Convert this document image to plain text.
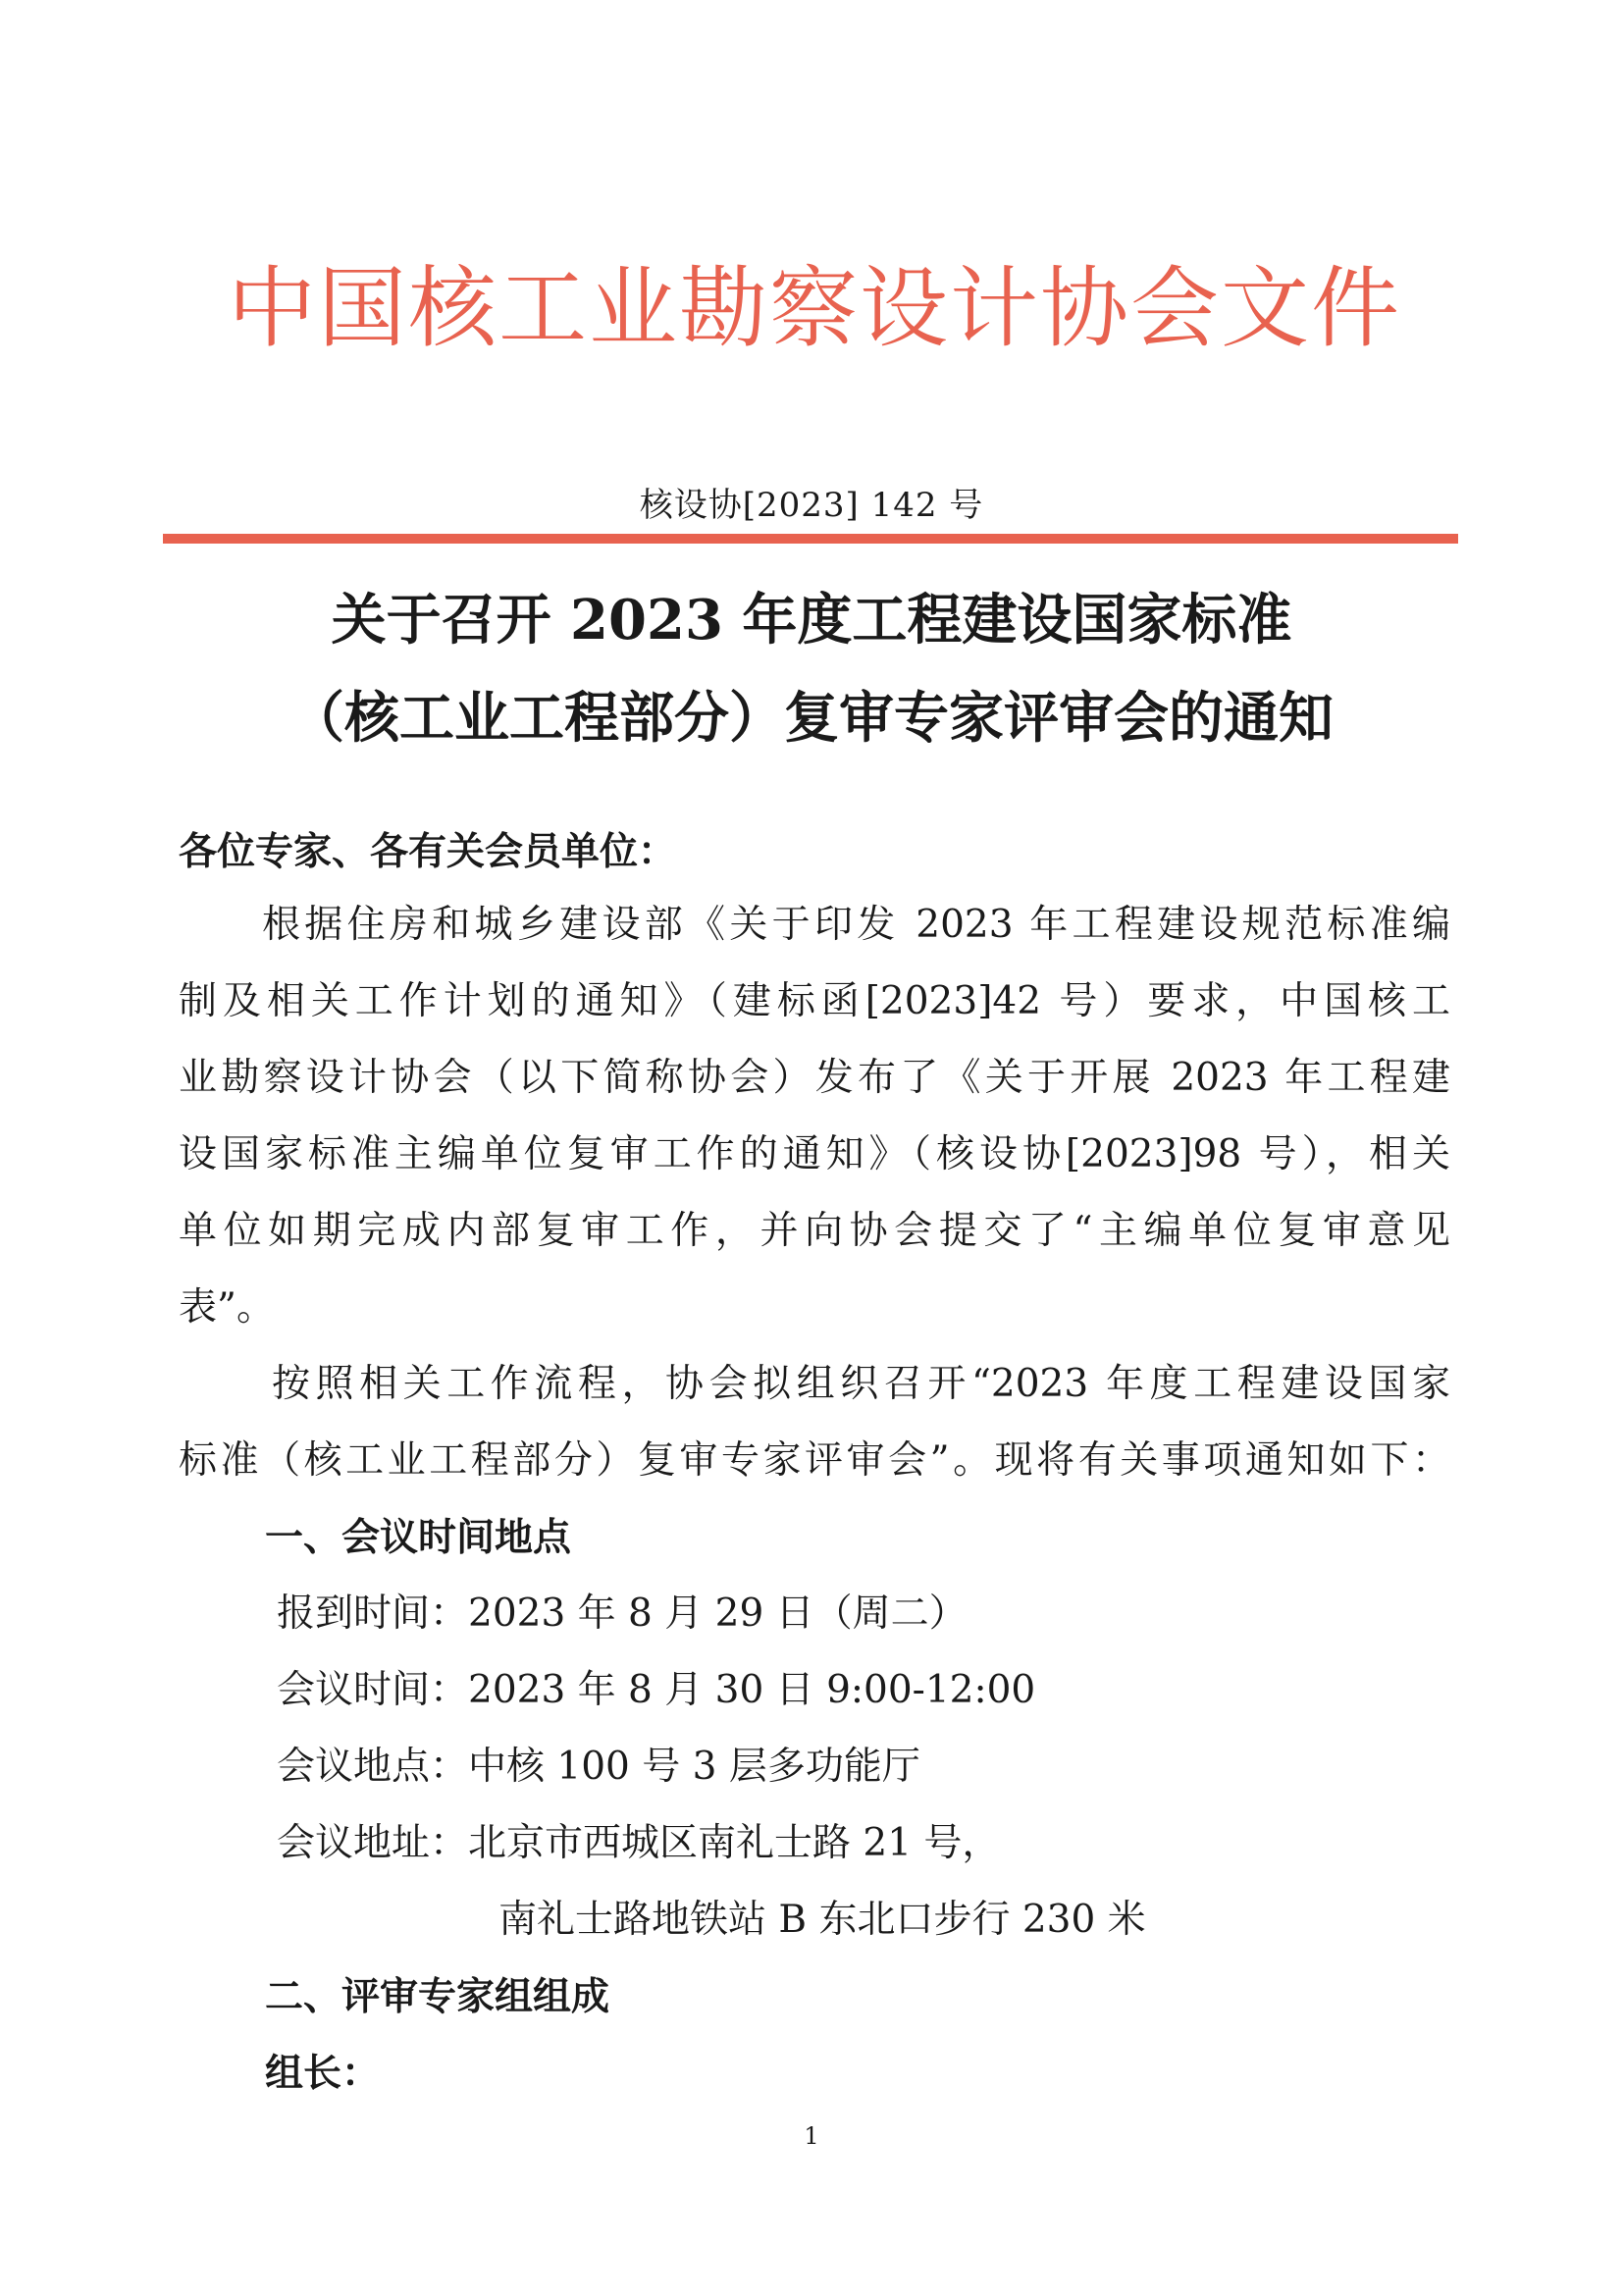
中国核工业勘察设计协会文件
核设协[2023] 142 号
关于召开 2023 年度工程建设国家标准
（核工业工程部分）复审专家评审会的通知
各位专家、各有关会员单位：
根据住房和城乡建设部《关于印发 2023 年工程建设规范标准编
制及相关工作计划的通知》（建标函[2023]42 号）要求，中国核工
业勘察设计协会（以下简称协会）发布了《关于开展 2023 年工程建
设国家标准主编单位复审工作的通知》（核设协[2023]98 号），相关
单位如期完成内部复审工作，并向协会提交了“主编单位复审意见
表”。
按照相关工作流程，协会拟组织召开“2023 年度工程建设国家
标准（核工业工程部分）复审专家评审会”。现将有关事项通知如下：
一、会议时间地点
报到时间：2023 年 8 月 29 日（周二）
会议时间：2023 年 8 月 30 日 9:00-12:00
会议地点：中核 100 号 3 层多功能厅
会议地址：北京市西城区南礼士路 21 号，
南礼士路地铁站 B 东北口步行 230 米
二、评审专家组组成
组长：
1
